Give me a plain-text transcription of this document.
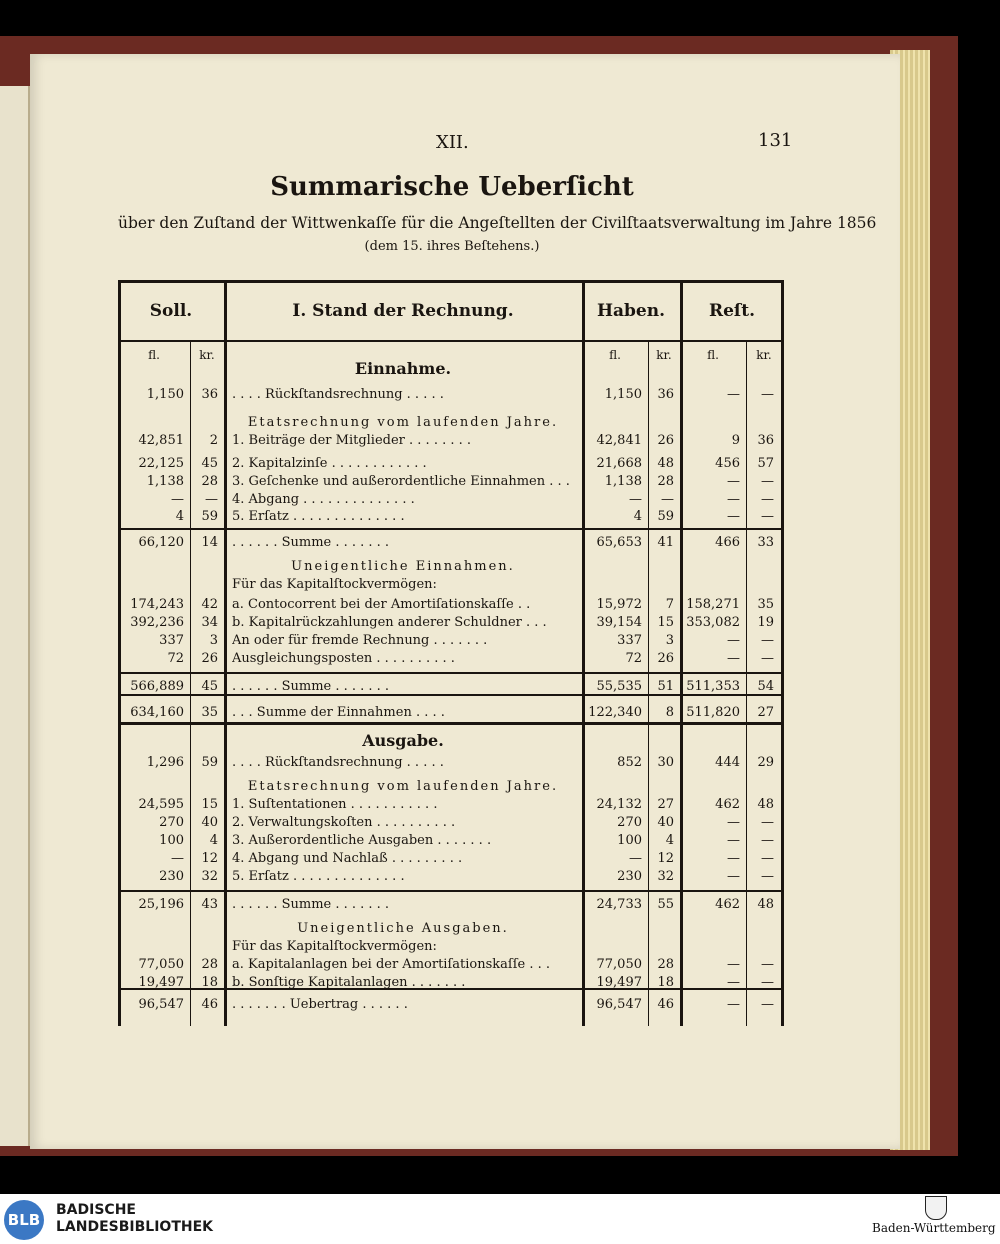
XII.	131
Summarische Ueberſicht
über den Zuſtand der Wittwenkaſſe für die Angeſtellten der Civilſtaatsverwaltung im Jahre 1856
(dem 15. ihres Beſtehens.)
Soll.	I. Stand der Rechnung.	Haben.	Reſt.
fl.	kr.	fl.	kr.	fl.	kr.
Einnahme.
Ausgabe.
. . . . Rückſtandsrechnung . . . . .
1,150	36	1,150	36	—	—
Etatsrechnung vom laufenden Jahre.
1. Beiträge der Mitglieder . . . . . . . .
42,851	2	42,841	26	9	36
2. Kapitalzinſe . . . . . . . . . . . .
22,125	45	21,668	48	456	57
3. Geſchenke und außerordentliche Einnahmen . . .
1,138	28	1,138	28	—	—
4. Abgang . . . . . . . . . . . . . .
—	—	—	—	—	—
5. Erſatz . . . . . . . . . . . . . .
4	59	4	59	—	—
. . . . . . Summe . . . . . . .
66,120	14	65,653	41	466	33
Uneigentliche Einnahmen.
Für das Kapitalſtockvermögen:
a. Contocorrent bei der Amortiſationskaſſe . .
174,243	42	15,972	7 158,271	35
b. Kapitalrückzahlungen anderer Schuldner . . .
392,236	34	39,154	15 353,082	19
An oder für fremde Rechnung . . . . . . .
337	3	337	3	—	—
Ausgleichungsposten . . . . . . . . . .
72	26	72	26	—	—
. . . . . . Summe . . . . . . .
566,889	45	55,535	51 511,353	54
. . . Summe der Einnahmen . . . .
634,160	35	122,340	8 511,820	27
. . . . Rückſtandsrechnung . . . . .
1,296	59	852	30	444	29
Etatsrechnung vom laufenden Jahre.
1. Suſtentationen . . . . . . . . . . .
24,595	15	24,132	27	462	48
2. Verwaltungskoſten . . . . . . . . . .
270	40	270	40	—	—
3. Außerordentliche Ausgaben . . . . . . .
100	4	100	4	—	—
4. Abgang und Nachlaß . . . . . . . . .
—	12	—	12	—	—
5. Erſatz . . . . . . . . . . . . . .
230	32	230	32	—	—
. . . . . . Summe . . . . . . .
25,196	43	24,733	55	462	48
Uneigentliche Ausgaben.
Für das Kapitalſtockvermögen:
a. Kapitalanlagen bei der Amortiſationskaſſe . . .
77,050	28	77,050	28	—	—
b. Sonſtige Kapitalanlagen . . . . . . .
19,497	18	19,497	18	—	—
. . . . . . . Uebertrag . . . . . .
96,547	46	96,547	46	—	—
BLB
BADISCHE
LANDESBIBLIOTHEK	Baden-Württemberg
